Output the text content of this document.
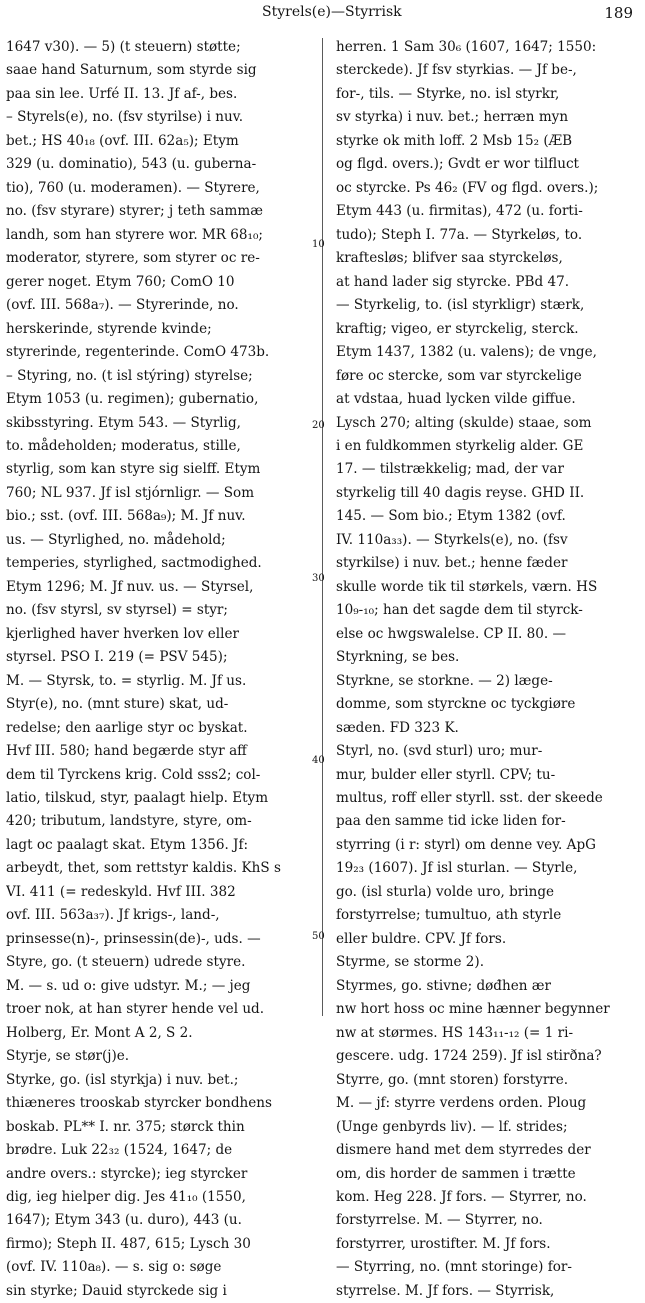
Styrels(e)—Styrrisk	189
1647 v30). — 5) (t steuern) støtte;
saae hand Saturnum, som styrde sig
paa sin lee. Urfé II. 13. Jf af-, bes.
– Styrels(e), no. (fsv styrilse) i nuv.
bet.; HS 40₁₈ (ovf. III. 62a₅); Etym
329 (u. dominatio), 543 (u. guberna-
tio), 760 (u. moderamen). — Styrere,
no. (fsv styrare) styrer; j teth sammæ
landh, som han styrere wor. MR 68₁₀;
moderator, styrere, som styrer oc re-
gerer noget. Etym 760; ComO 10
(ovf. III. 568a₇). — Styrerinde, no.
herskerinde, styrende kvinde;
styrerinde, regenterinde. ComO 473b.
– Styring, no. (t isl stýring) styrelse;
Etym 1053 (u. regimen); gubernatio,
skibsstyring. Etym 543. — Styrlig,
to. mådeholden; moderatus, stille,
styrlig, som kan styre sig sielff. Etym
760; NL 937. Jf isl stjórnligr. — Som
bio.; sst. (ovf. III. 568a₉); M. Jf nuv.
us. — Styrlighed, no. mådehold;
temperies, styrlighed, sactmodighed.
Etym 1296; M. Jf nuv. us. — Styrsel,
no. (fsv styrsl, sv styrsel) = styr;
kjerlighed haver hverken lov eller
styrsel. PSO I. 219 (= PSV 545);
M. — Styrsk, to. = styrlig. M. Jf us.
Styr(e), no. (mnt sture) skat, ud-
redelse; den aarlige styr oc byskat.
Hvf III. 580; hand begærde styr aff
dem til Tyrckens krig. Cold sss2; col-
latio, tilskud, styr, paalagt hielp. Etym
420; tributum, landstyre, styre, om-
lagt oc paalagt skat. Etym 1356. Jf:
arbeydt, thet, som rettstyr kaldis. KhS s
VI. 411 (= redeskyld. Hvf III. 382
ovf. III. 563a₃₇). Jf krigs-, land-,
prinsesse(n)-, prinsessin(de)-, uds. —
Styre, go. (t steuern) udrede styre.
M. — s. ud o: give udstyr. M.; — jeg
troer nok, at han styrer hende vel ud.
Holberg, Er. Mont A 2, S 2.
Styrje, se stør(j)e.
Styrke, go. (isl styrkja) i nuv. bet.;
thiæneres trooskab styrcker bondhens
boskab. PL** I. nr. 375; størck thin
brødre. Luk 22₃₂ (1524, 1647; de
andre overs.: styrcke); ieg styrcker
dig, ieg hielper dig. Jes 41₁₀ (1550,
1647); Etym 343 (u. duro), 443 (u.
firmo); Steph II. 487, 615; Lysch 30
(ovf. IV. 110a₈). — s. sig o: søge
sin styrke; Dauid styrckede sig i
herren. 1 Sam 30₆ (1607, 1647; 1550:
sterckede). Jf fsv styrkias. — Jf be-,
for-, tils. — Styrke, no. isl styrkr,
sv styrka) i nuv. bet.; herræn myn
styrke ok mith loff. 2 Msb 15₂ (ÆB
og flgd. overs.); Gvdt er wor tilfluct
oc styrcke. Ps 46₂ (FV og flgd. overs.);
Etym 443 (u. firmitas), 472 (u. forti-
tudo); Steph I. 77a. — Styrkeløs, to.
kraftesløs; blifver saa styrckeløs,
at hand lader sig styrcke. PBd 47.
— Styrkelig, to. (isl styrkligr) stærk,
kraftig; vigeo, er styrckelig, sterck.
Etym 1437, 1382 (u. valens); de vnge,
føre oc stercke, som var styrckelige
at vdstaa, huad lycken vilde giffue.
Lysch 270; alting (skulde) staae, som
i en fuldkommen styrkelig alder. GE
17. — tilstrækkelig; mad, der var
styrkelig till 40 dagis reyse. GHD II.
145. — Som bio.; Etym 1382 (ovf.
IV. 110a₃₃). — Styrkels(e), no. (fsv
styrkilse) i nuv. bet.; henne fæder
skulle worde tik til størkels, værn. HS
10₉-₁₀; han det sagde dem til styrck-
else oc hwgswalelse. CP II. 80. —
Styrkning, se bes.
Styrkne, se storkne. — 2) læge-
domme, som styrckne oc tyckgiøre
sæden. FD 323 K.
Styrl, no. (svd sturl) uro; mur-
mur, bulder eller styrll. CPV; tu-
multus, roff eller styrll. sst. der skeede
paa den samme tid icke liden for-
styrring (i r: styrl) om denne vey. ApG
19₂₃ (1607). Jf isl sturlan. — Styrle,
go. (isl sturla) volde uro, bringe
forstyrrelse; tumultuo, ath styrle
eller buldre. CPV. Jf fors.
Styrme, se storme 2).
Styrmes, go. stivne; døđhen ær
nw hort hoss oc mine hænner begynner
nw at størmes. HS 143₁₁-₁₂ (= 1 ri-
gescere. udg. 1724 259). Jf isl stirðna?
Styrre, go. (mnt storen) forstyrre.
M. — jf: styrre verdens orden. Ploug
(Unge genbyrds liv). — lf. strides;
dismere hand met dem styrredes der
om, dis horder de sammen i trætte
kom. Heg 228. Jf fors. — Styrrer, no.
forstyrrelse. M. — Styrrer, no.
forstyrrer, urostifter. M. Jf fors.
— Styrring, no. (mnt storinge) for-
styrrelse. M. Jf fors. — Styrrisk,
10
20
30
40
50
